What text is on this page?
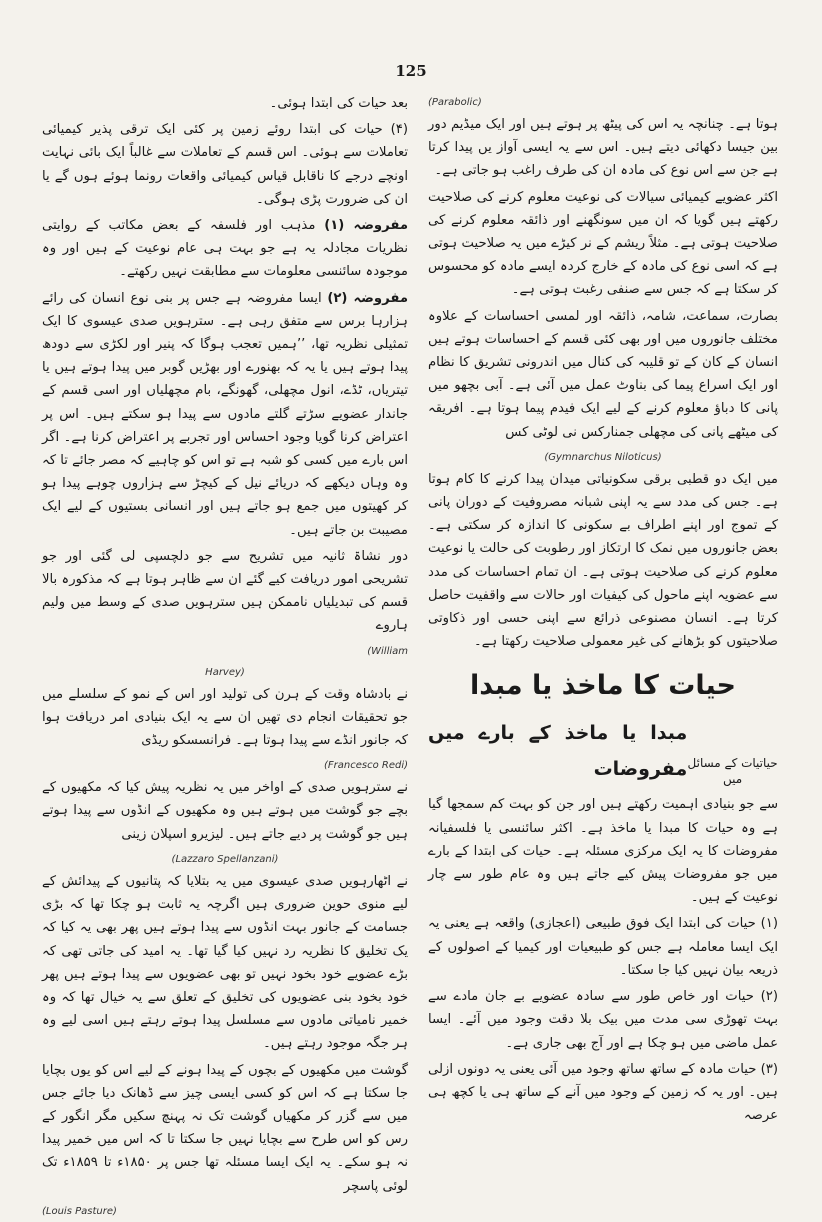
125
(Parabolic)

ہوتا ہے۔ چنانچہ یہ اس کی پیٹھ پر ہوتے ہیں اور ایک میڈیم دور بین جیسا دکھائی دیتے ہیں۔ اس سے یہ ایسی آواز یں پیدا کرتا ہے جن سے اس نوع کی مادہ ان کی طرف راغب ہو جاتی ہے۔

اکثر عضویے کیمیائی سیالات کی نوعیت معلوم کرنے کی صلاحیت رکھتے ہیں گویا کہ ان میں سونگھنے اور ذائقہ معلوم کرنے کی صلاحیت ہوتی ہے۔ مثلاً ریشم کے نر کیڑے میں یہ صلاحیت ہوتی ہے کہ اسی نوع کی مادہ کے خارج کردہ ایسے مادہ کو محسوس کر سکتا ہے کہ جس سے صنفی رغبت ہوتی ہے۔

بصارت، سماعت، شامہ، ذائقہ اور لمسی احساسات کے علاوہ مختلف جانوروں میں اور بھی کئی قسم کے احساسات ہوتے ہیں انسان کے کان کے تو قلیبہ کی کنال میں اندرونی تشریق کا نظام اور ایک اسراع پیما کی بناوٹ عمل میں آئی ہے۔ آبی بچھو میں پانی کا دباؤ معلوم کرنے کے لیے ایک فیدم پیما ہوتا ہے۔ افریقہ کی میٹھے پانی کی مچھلی جمنارکس نی لوٹی کس

(Gymnarchus Niloticus)

میں ایک دو قطبی برقی سکونیاتی میدان پیدا کرنے کا کام ہوتا ہے۔ جس کی مدد سے یہ اپنی شبانہ مصروفیت کے دوران پانی کے تموج اور اپنے اطراف بے سکونی کا اندازہ کر سکتی ہے۔ بعض جانوروں میں نمک کا ارتکاز اور رطوبت کی حالت یا نوعیت معلوم کرنے کی صلاحیت ہوتی ہے۔ ان تمام احساسات کی مدد سے عضویہ اپنے ماحول کی کیفیات اور حالات سے واقفیت حاصل کرتا ہے۔ انسان مصنوعی ذرائع سے اپنی حسی اور ذکاوتی صلاحیتوں کو بڑھانے کی غیر معمولی صلاحیت رکھتا ہے۔

حیات کا ماخذ یا مبدا
حیاتیات کے مسائل میں
مبدا یا ماخذ کے بارے میں مفروضات

سے جو بنیادی اہمیت رکھتے ہیں اور جن کو بہت کم سمجھا گیا ہے وہ حیات کا مبدا یا ماخذ ہے۔ اکثر سائنسی یا فلسفیانہ مفروضات کا یہ ایک مرکزی مسئلہ ہے۔ حیات کی ابتدا کے بارے میں جو مفروضات پیش کیے جاتے ہیں وہ عام طور سے چار نوعیت کے ہیں۔

(۱) حیات کی ابتدا ایک فوق طبیعی (اعجازی) واقعہ ہے یعنی یہ ایک ایسا معاملہ ہے جس کو طبیعیات اور کیمیا کے اصولوں کے ذریعہ بیان نہیں کیا جا سکتا۔

(۲) حیات اور خاص طور سے سادہ عضویے بے جان مادے سے بہت تھوڑی سی مدت میں بیک بلا دقت وجود میں آئے۔ ایسا عمل ماضی میں ہو چکا ہے اور آج بھی جاری ہے۔

(۳) حیات مادہ کے ساتھ ساتھ وجود میں آئی یعنی یہ دونوں ازلی ہیں۔ اور یہ کہ زمین کے وجود میں آنے کے ساتھ ہی یا کچھ ہی عرصہ

بعد حیات کی ابتدا ہوئی۔

(۴) حیات کی ابتدا روئے زمین پر کئی ایک ترقی پذیر کیمیائی تعاملات سے ہوئی۔ اس قسم کے تعاملات سے غالباً ایک بائی نہایت اونچے درجے کا ناقابل قیاس کیمیائی واقعات رونما ہوئے ہوں گے یا ان کی ضرورت پڑی ہوگی۔

مفروضہ (۱) مذہب اور فلسفہ کے بعض مکاتب کے روایتی نظریات مجادلہ یہ ہے جو بہت ہی عام نوعیت کے ہیں اور وہ موجودہ سائنسی معلومات سے مطابقت نہیں رکھتے۔

مفروضہ (۲) ایسا مفروضہ ہے جس پر بنی نوع انسان کی رائے ہزارہا برس سے متفق رہی ہے۔ سترہویں صدی عیسوی کا ایک تمثیلی نظریہ تھا، ’’ہمیں تعجب ہوگا کہ پنیر اور لکڑی سے دودھ پیدا ہوتے ہیں یا یہ کہ بھنورے اور بھڑیں گوبر میں پیدا ہوتے ہیں یا تیتریاں، ٹڈے، انول مچھلی، گھونگے، بام مچھلیاں اور اسی قسم کے جاندار عضویے سڑتے گلتے مادوں سے پیدا ہو سکتے ہیں۔ اس پر اعتراض کرنا گویا وجود احساس اور تجربے پر اعتراض کرنا ہے۔ اگر اس بارے میں کسی کو شبہ ہے تو اس کو چاہیے کہ مصر جائے تا کہ وہ وہاں دیکھے کہ دریائے نیل کے کیچڑ سے ہزاروں چوہے پیدا ہو کر کھیتوں میں جمع ہو جاتے ہیں اور انسانی بستیوں کے لیے ایک مصیبت بن جاتے ہیں۔

دور نشاۃ ثانیہ میں تشریح سے جو دلچسپی لی گئی اور جو تشریحی امور دریافت کیے گئے ان سے ظاہر ہوتا ہے کہ مذکورہ بالا قسم کی تبدیلیاں ناممکن ہیں سترہویں صدی کے وسط میں ولیم ہاروے

(William
Harvey)

نے بادشاہ وقت کے ہرن کی تولید اور اس کے نمو کے سلسلے میں جو تحقیقات انجام دی تھیں ان سے یہ ایک بنیادی امر دریافت ہوا کہ جانور انڈے سے پیدا ہوتا ہے۔ فرانسسکو ریڈی

(Francesco Redi)

نے سترہویں صدی کے اواخر میں یہ نظریہ پیش کیا کہ مکھیوں کے بچے جو گوشت میں ہوتے ہیں وہ مکھیوں کے انڈوں سے پیدا ہوتے ہیں جو گوشت پر دیے جاتے ہیں۔ لیزیرو اسپلان زینی

(Lazzaro Spellanzani)

نے اٹھارہویں صدی عیسوی میں یہ بتلایا کہ پتانیوں کے پیدائش کے لیے منوی حوین ضروری ہیں اگرچہ یہ ثابت ہو چکا تھا کہ بڑی جسامت کے جانور بہت انڈوں سے پیدا ہوتے ہیں پھر بھی یہ کیا کہ یک تخلیق کا نظریہ رد نہیں کیا گیا تھا۔ یہ امید کی جاتی تھی کہ بڑے عضویے خود بخود نہیں تو بھی عضویوں سے پیدا ہوتے ہیں پھر خود بخود بنی عضویوں کی تخلیق کے تعلق سے یہ خیال تھا کہ وہ خمیر نامیاتی مادوں سے مسلسل پیدا ہوتے رہتے ہیں اسی لیے وہ ہر جگہ موجود رہتے ہیں۔

گوشت میں مکھیوں کے بچوں کے پیدا ہونے کے لیے اس کو یوں بچایا جا سکتا ہے کہ اس کو کسی ایسی چیز سے ڈھانک دیا جائے جس میں سے گزر کر مکھیاں گوشت تک نہ پہنچ سکیں مگر انگور کے رس کو اس طرح سے بچایا نہیں جا سکتا تا کہ اس میں خمیر پیدا نہ ہو سکے۔ یہ ایک ایسا مسئلہ تھا جس پر ۱۸۵۰ء تا ۱۸۵۹ء تک لوئی پاسچر

(Louis Pasture)
